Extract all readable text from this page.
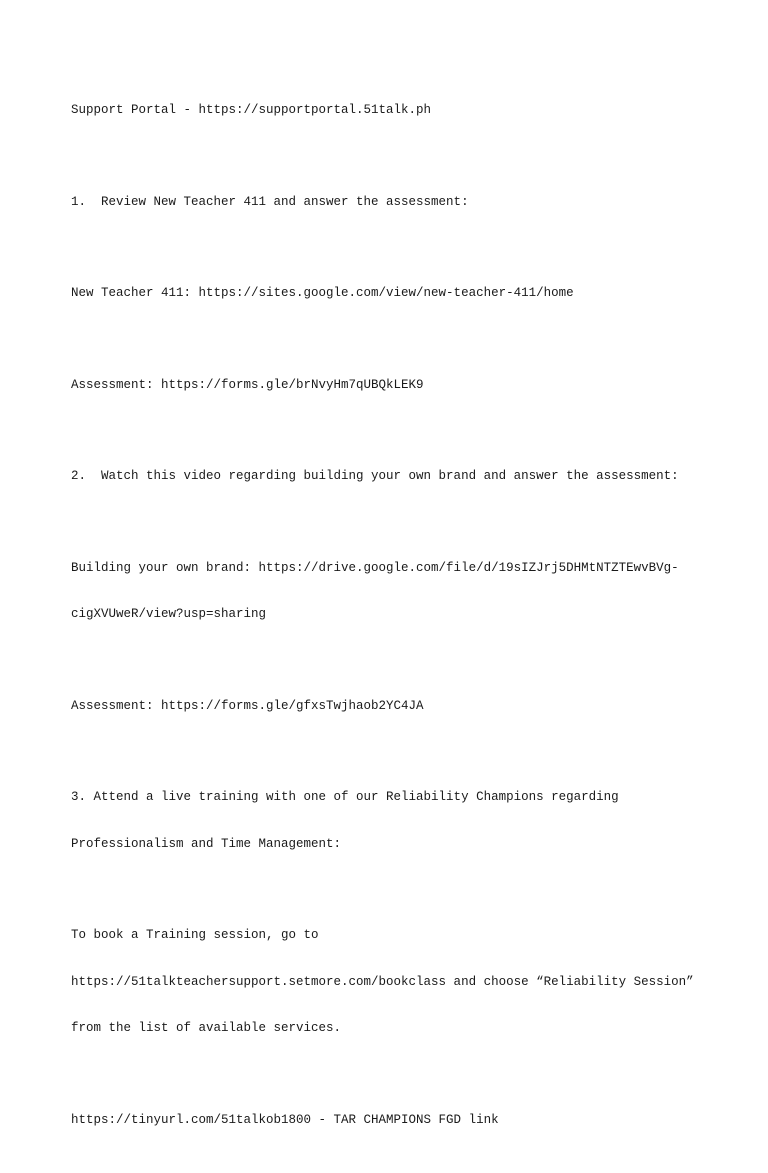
Support Portal - https://supportportal.51talk.ph

1.  Review New Teacher 411 and answer the assessment:

New Teacher 411: https://sites.google.com/view/new-teacher-411/home

Assessment: https://forms.gle/brNvyHm7qUBQkLEK9

2.  Watch this video regarding building your own brand and answer the assessment:

Building your own brand: https://drive.google.com/file/d/19sIZJrj5DHMtNTZTEwvBVg-

cigXVUweR/view?usp=sharing

Assessment: https://forms.gle/gfxsTwjhaob2YC4JA

3. Attend a live training with one of our Reliability Champions regarding

Professionalism and Time Management:

To book a Training session, go to

https://51talkteachersupport.setmore.com/bookclass and choose “Reliability Session”

from the list of available services.

https://tinyurl.com/51talkob1800 - TAR CHAMPIONS FGD link
